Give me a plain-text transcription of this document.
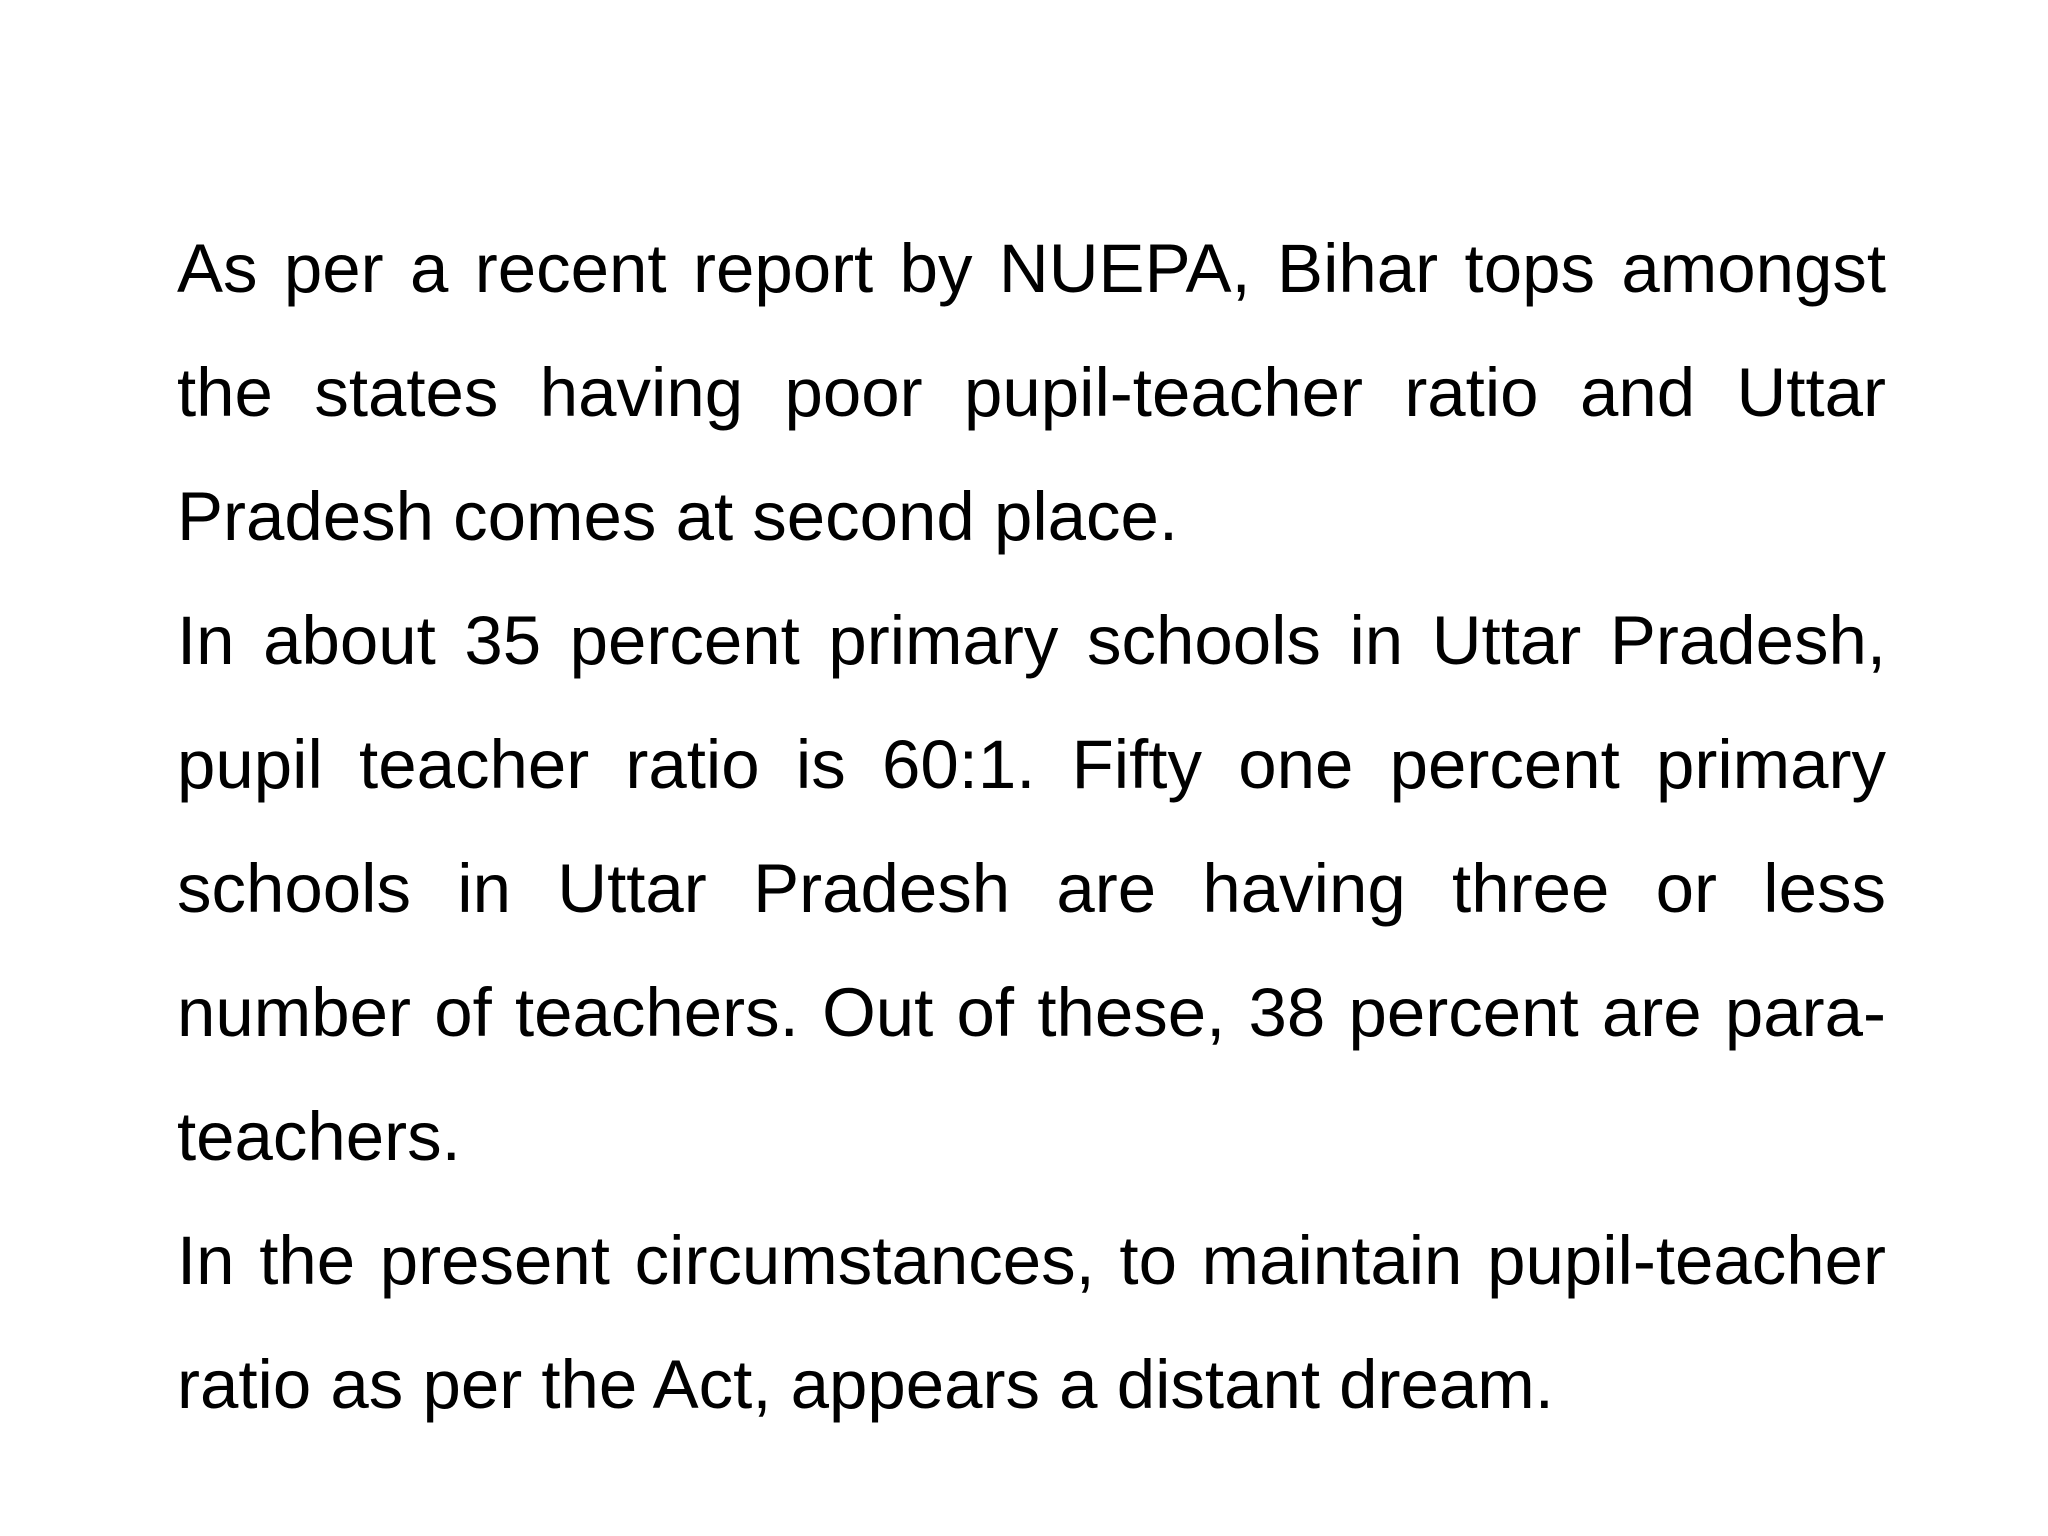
As per a recent report by NUEPA, Bihar tops amongst the states having poor pupil-teacher ratio and Uttar Pradesh comes at second place.

In about 35 percent primary schools in Uttar Pradesh, pupil teacher ratio is 60:1. Fifty one percent primary schools in Uttar Pradesh are having three or less number of teachers. Out of these, 38 percent are para-teachers.

In the present circumstances, to maintain pupil-teacher ratio as per the Act, appears a distant dream.
